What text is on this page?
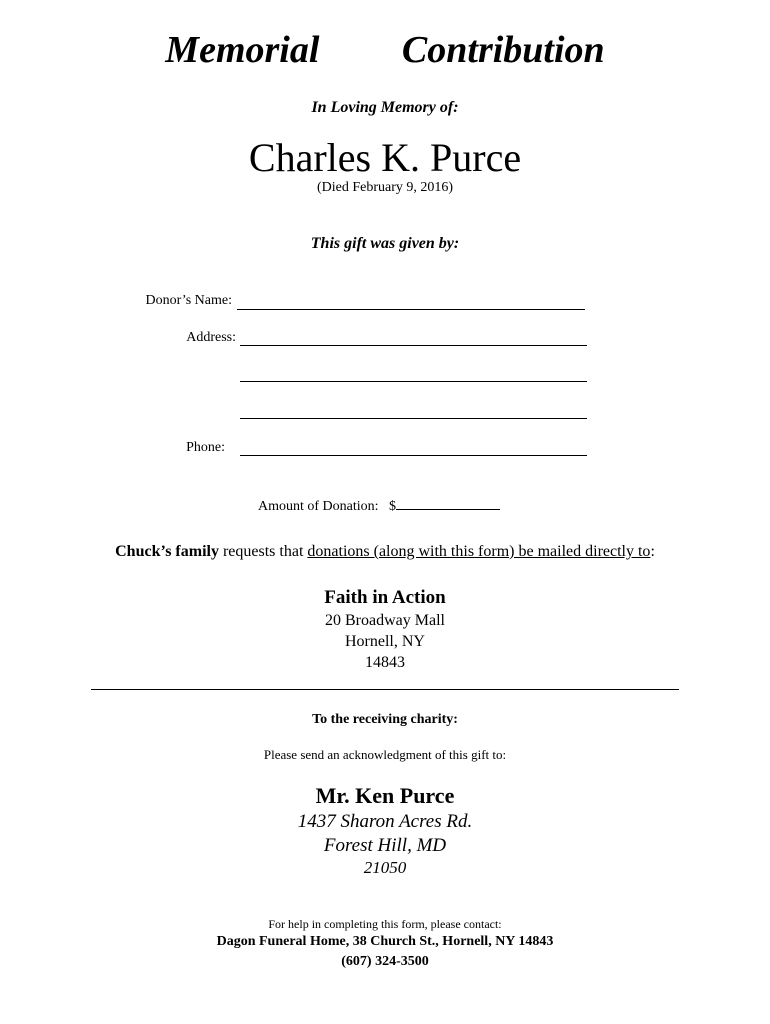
Memorial   Contribution
In Loving Memory of:
Charles K. Purce
(Died February 9, 2016)
This gift was given by:
Donor’s Name:
Address:
Phone:
Amount of Donation:   $
Chuck’s family requests that donations (along with this form) be mailed directly to:
Faith in Action
20 Broadway Mall
Hornell, NY
14843
To the receiving charity:
Please send an acknowledgment of this gift to:
Mr. Ken Purce
1437 Sharon Acres Rd.
Forest Hill, MD
21050
For help in completing this form, please contact:
Dagon Funeral Home, 38 Church St., Hornell, NY 14843
(607) 324-3500
